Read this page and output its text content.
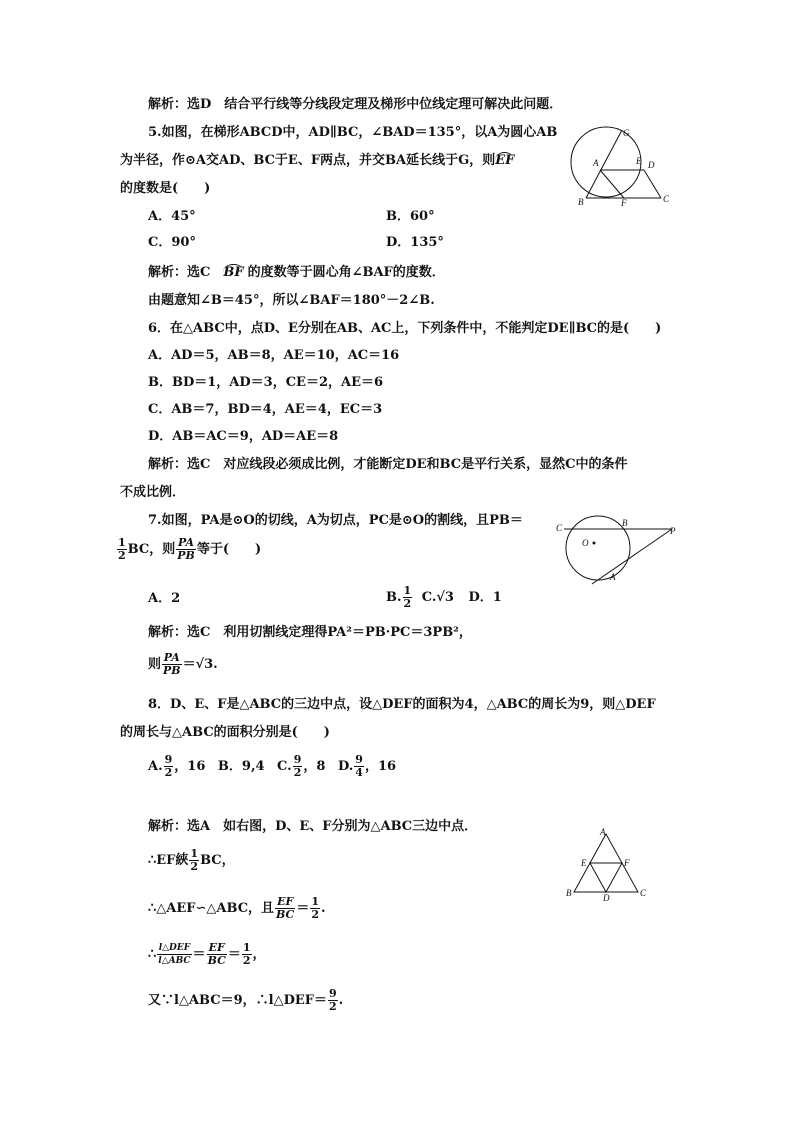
解析：选D　结合平行线等分线段定理及梯形中位线定理可解决此问题．
5.如图，在梯形ABCD中，AD∥BC，∠BAD＝135°，以A为圆心AB
为半径，作⊙A交AD、BC于E、F两点，并交BA延长线于G，则EF
的度数是(　　)
A．45°	B．60°
C．90°	D．135°
G
A	E D
B	F	C
解析：选C　BF 的度数等于圆心角∠BAF的度数．
由题意知∠B＝45°，所以∠BAF＝180°－2∠B.
6．在△ABC中，点D、E分别在AB、AC上，下列条件中，不能判定DE∥BC的是(　　)
A．AD＝5，AB＝8，AE＝10，AC＝16
B．BD＝1，AD＝3，CE＝2，AE＝6
C．AB＝7，BD＝4，AE＝4，EC＝3
D．AB＝AC＝9，AD＝AE＝8
解析：选C　对应线段必须成比例，才能断定DE和BC是平行关系，显然C中的条件
不成比例．
7.如图，PA是⊙O的切线，A为切点，PC是⊙O的割线，且PB＝
$\frac{1}{2}$ BC，则 $\frac{PA}{PB}$ 等于(　　)
A．2	B. $\frac{1}{2} C.√3$ D．1
C	B
P
O
A
解析：选C　利用切割线定理得PA²＝PB·PC＝3PB²，
则 $\frac{PA}{PB} =√3$.
8．D、E、F是△ABC的三边中点，设△DEF的面积为4，△ABC的周长为9，则△DEF
的周长与△ABC的面积分别是(　　)
A. $\frac{9}{2}$ ，16 B．9,4 C. $\frac{9}{2}$ ，8 D. $\frac{9}{4}$ ，16
解析：选A　如右图，D、E、F分别为△ABC三边中点．
∴EF綊 $\frac{1}{2}$ BC，
∴△AEF∽△ABC，且 $\frac{EF}{BC} = \frac{1}{2}$ .
∴ $\frac{\text{l△DEF}}{\text{l△ABC}} = \frac{EF}{BC} = \frac{1}{2}$ ，
又∵l△ABC＝9，∴l△DEF＝ $\frac{9}{2}$ .
A
E	F
B	D	C
